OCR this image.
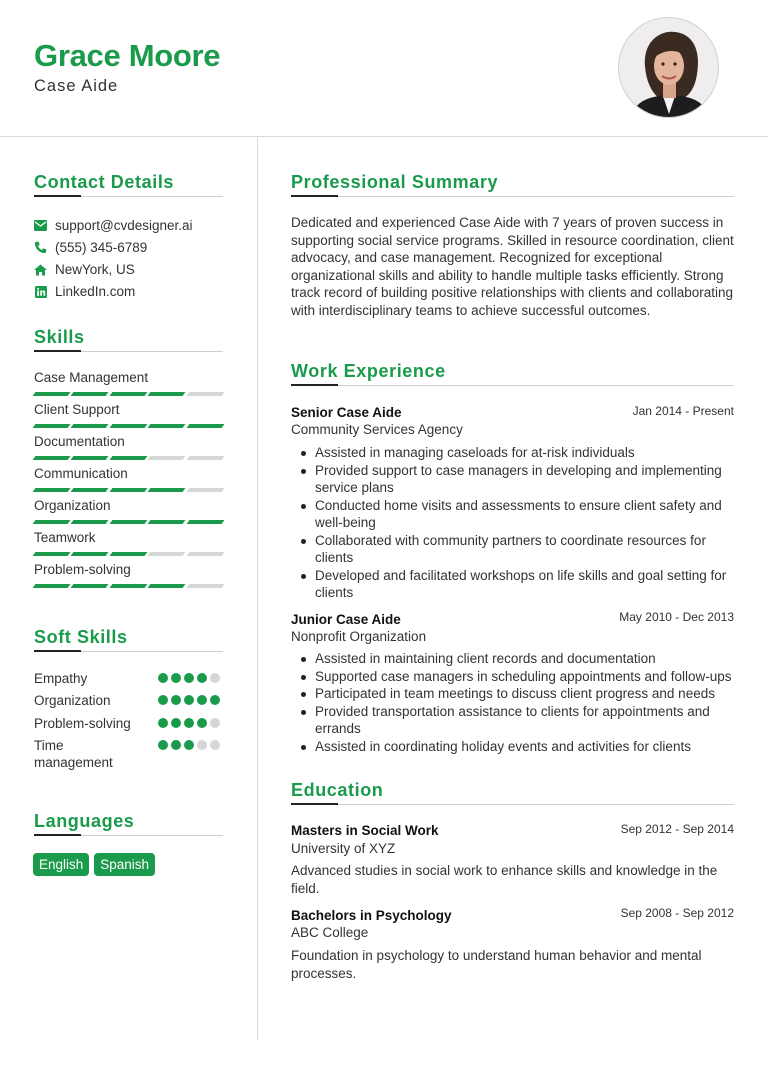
Grace Moore
Case Aide
Contact Details
support@cvdesigner.ai
(555) 345-6789
NewYork, US
LinkedIn.com
Skills
Case Management
Client Support
Documentation
Communication
Organization
Teamwork
Problem-solving
Soft Skills
Empathy
Organization
Problem-solving
Time management
Languages
English	Spanish
Professional Summary
Dedicated and experienced Case Aide with 7 years of proven success in supporting social service programs. Skilled in resource coordination, client advocacy, and case management. Recognized for exceptional organizational skills and ability to handle multiple tasks efficiently. Strong track record of building positive relationships with clients and collaborating with interdisciplinary teams to achieve successful outcomes.
Work Experience
Senior Case Aide	Jan 2014 - Present
Community Services Agency
Assisted in managing caseloads for at-risk individuals
Provided support to case managers in developing and implementing service plans
Conducted home visits and assessments to ensure client safety and well-being
Collaborated with community partners to coordinate resources for clients
Developed and facilitated workshops on life skills and goal setting for clients
Junior Case Aide	May 2010 - Dec 2013
Nonprofit Organization
Assisted in maintaining client records and documentation
Supported case managers in scheduling appointments and follow-ups
Participated in team meetings to discuss client progress and needs
Provided transportation assistance to clients for appointments and errands
Assisted in coordinating holiday events and activities for clients
Education
Masters in Social Work	Sep 2012 - Sep 2014
University of XYZ
Advanced studies in social work to enhance skills and knowledge in the field.
Bachelors in Psychology	Sep 2008 - Sep 2012
ABC College
Foundation in psychology to understand human behavior and mental processes.
